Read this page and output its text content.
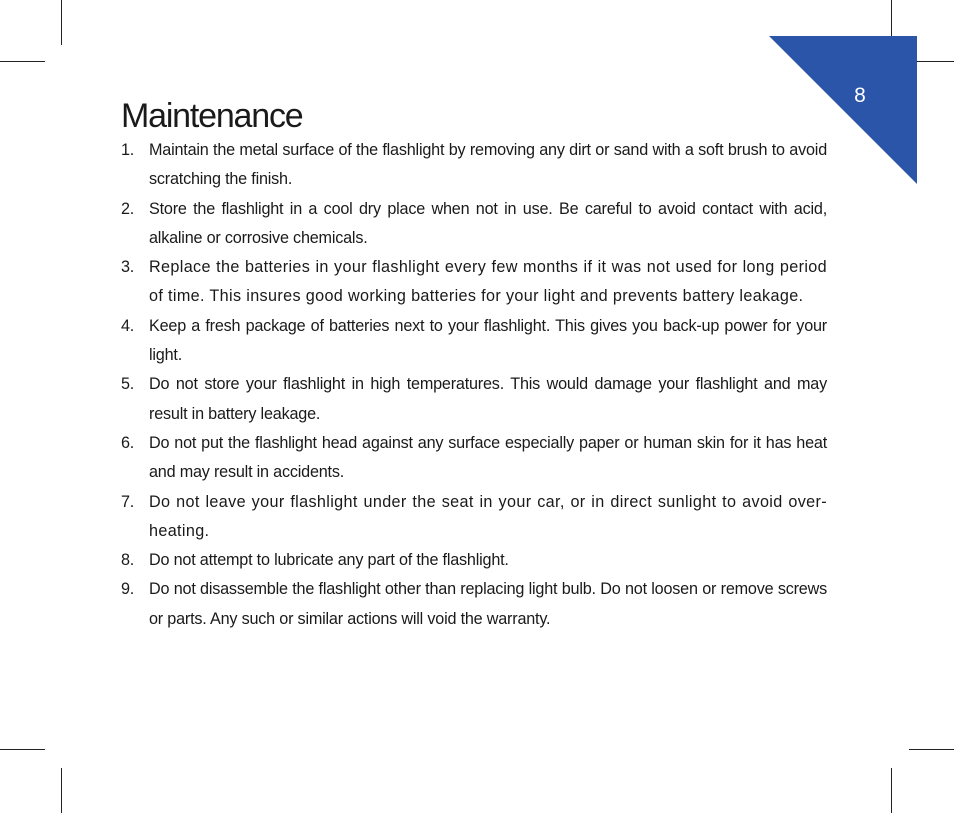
8
Maintenance
1. Maintain the metal surface of the flashlight by removing any dirt or sand with a soft brush to avoid scratching the finish.
2. Store the flashlight in a cool dry place when not in use. Be careful to avoid contact with acid, alkaline or corrosive chemicals.
3. Replace the batteries in your flashlight every few months if it was not used for long period of time. This insures good working batteries for your light and prevents battery leakage.
4. Keep a fresh package of batteries next to your flashlight. This gives you back-up power for your light.
5. Do not store your flashlight in high temperatures. This would damage your flashlight and may result in battery leakage.
6. Do not put the flashlight head against any surface especially paper or human skin for it has heat and may result in accidents.
7. Do not leave your flashlight under the seat in your car, or in direct sunlight to avoid over-heating.
8. Do not attempt to lubricate any part of the flashlight.
9. Do not disassemble the flashlight other than replacing light bulb. Do not loosen or remove screws or parts. Any such or similar actions will void the warranty.
